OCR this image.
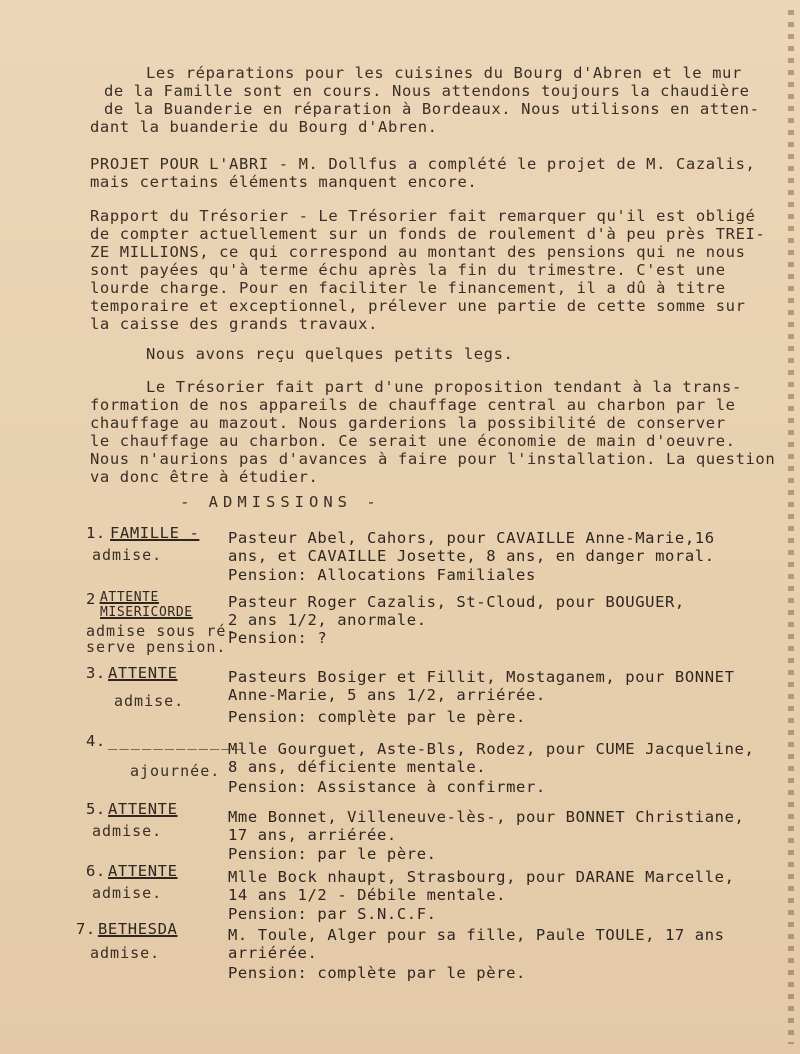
Les réparations pour les cuisines du Bourg d'Abren et le mur
de la Famille sont en cours. Nous attendons toujours la chaudière
de la Buanderie en réparation à Bordeaux. Nous utilisons en atten-
dant la buanderie du Bourg d'Abren.
PROJET POUR L'ABRI - M. Dollfus a complété le projet de M. Cazalis,
mais certains éléments manquent encore.
Rapport du Trésorier - Le Trésorier fait remarquer qu'il est obligé
de compter actuellement sur un fonds de roulement d'à peu près TREI-
ZE MILLIONS, ce qui correspond au montant des pensions qui ne nous
sont payées qu'à terme échu après la fin du trimestre. C'est une
lourde charge. Pour en faciliter le financement, il a dû à titre
temporaire et exceptionnel, prélever une partie de cette somme sur
la caisse des grands travaux.
Nous avons reçu quelques petits legs.
Le Trésorier fait part d'une proposition tendant à la trans-
formation de nos appareils de chauffage central au charbon par le
chauffage au mazout. Nous garderions la possibilité de conserver
le chauffage au charbon. Ce serait une économie de main d'oeuvre.
Nous n'aurions pas d'avances à faire pour l'installation. La question
va donc être à étudier.
- ADMISSIONS -
1. FAMILLE -
admise.
Pasteur Abel, Cahors, pour CAVAILLE Anne-Marie,16
ans, et CAVAILLE Josette, 8 ans, en danger moral.
Pension: Allocations Familiales
2.
ATTENTE MISERICORDE
admise sous ré-
serve pension.
Pasteur Roger Cazalis, St-Cloud, pour BOUGUER,
2 ans 1/2, anormale.
Pension: ?
3. ATTENTE
admise.
Pasteurs Bosiger et Fillit, Mostaganem, pour BONNET
Anne-Marie, 5 ans 1/2, arriérée.
Pension: complète par le père.
4. ____________
ajournée.
Mlle Gourguet, Aste-Bls, Rodez, pour CUME Jacqueline,
8 ans, déficiente mentale.
Pension: Assistance à confirmer.
5. ATTENTE
admise.
Mme Bonnet, Villeneuve-lès-, pour BONNET Christiane,
17 ans, arriérée.
Pension: par le père.
6. ATTENTE
admise.
Mlle Bock nhaupt, Strasbourg, pour DARANE Marcelle,
14 ans 1/2 - Débile mentale.
Pension: par S.N.C.F.
7. BETHESDA
admise.
M. Toule, Alger pour sa fille, Paule TOULE, 17 ans
arriérée.
Pension: complète par le père.
